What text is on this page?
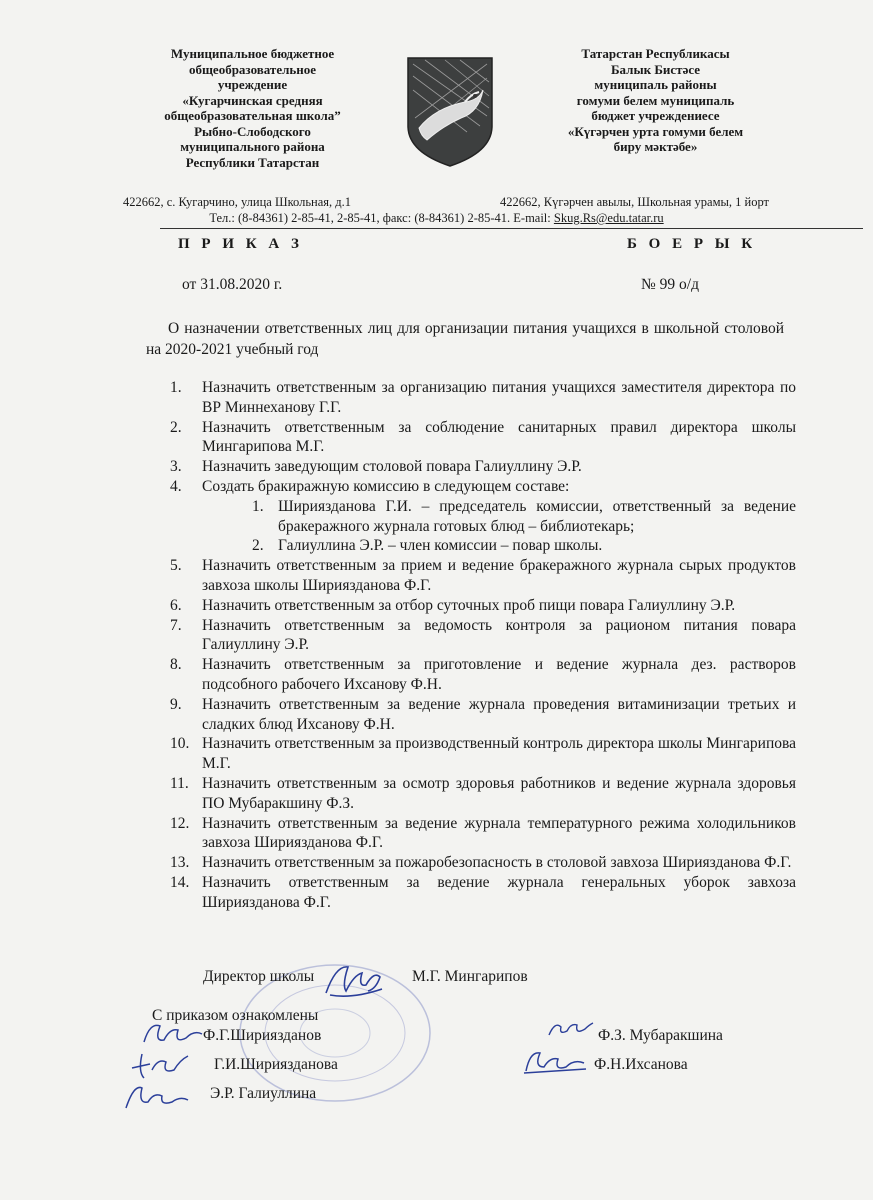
Муниципальное бюджетное
общеобразовательное
учреждение
«Кугарчинская средняя
общеобразовательная школа”
Рыбно-Слободского
муниципального района
Республики Татарстан
Татарстан Республикасы
Балык Бистәсе
муниципаль районы
гомуми белем муниципаль
бюджет учреждениесе
«Күгәрчен урта гомуми белем
биру мәктәбе»
422662, с. Кугарчино, улица Школьная, д.1	422662, Күгәрчен авылы, Школьная урамы, 1 йорт
Тел.: (8-84361) 2-85-41, 2-85-41, факс: (8-84361) 2-85-41. E-mail: Skug.Rs@edu.tatar.ru
П Р И К А З	Б О Е Р Ы К
от 31.08.2020 г.	№ 99 о/д
О назначении ответственных лиц для организации питания учащихся в школьной столовой на 2020-2021 учебный год
1.	Назначить ответственным за организацию питания учащихся заместителя директора по ВР Миннеханову Г.Г.
2.	Назначить ответственным за соблюдение санитарных правил директора школы Мингарипова М.Г.
3.	Назначить заведующим столовой повара Галиуллину Э.Р.
4.	Создать бракиражную комиссию в следующем составе:
1. Шириязданова Г.И. – председатель комиссии, ответственный за ведение бракеражного журнала готовых блюд – библиотекарь;
2. Галиуллина Э.Р. – член комиссии – повар школы.
5.	Назначить ответственным за прием и ведение бракеражного журнала сырых продуктов завхоза школы Шириязданова Ф.Г.
6.	Назначить ответственным за отбор суточных проб пищи повара Галиуллину Э.Р.
7.	Назначить ответственным за ведомость контроля за рационом питания повара Галиуллину Э.Р.
8.	Назначить ответственным за приготовление и ведение журнала дез. растворов подсобного рабочего Ихсанову Ф.Н.
9.	Назначить ответственным за ведение журнала проведения витаминизации третьих и сладких блюд Ихсанову Ф.Н.
10. Назначить ответственным за производственный контроль директора школы Мингарипова М.Г.
11. Назначить ответственным за осмотр здоровья работников и ведение журнала здоровья ПО Мубаракшину Ф.З.
12. Назначить ответственным за ведение журнала температурного режима холодильников завхоза Шириязданова Ф.Г.
13. Назначить ответственным за пожаробезопасность в столовой завхоза Шириязданова Ф.Г.
14. Назначить ответственным за ведение журнала генеральных уборок завхоза Шириязданова Ф.Г.
Директор школы	М.Г. Мингарипов
С приказом ознакомлены
Ф.Г.Шириязданов
Г.И.Шириязданова
Э.Р. Галиуллина
Ф.З. Мубаракшина
Ф.Н.Ихсанова
